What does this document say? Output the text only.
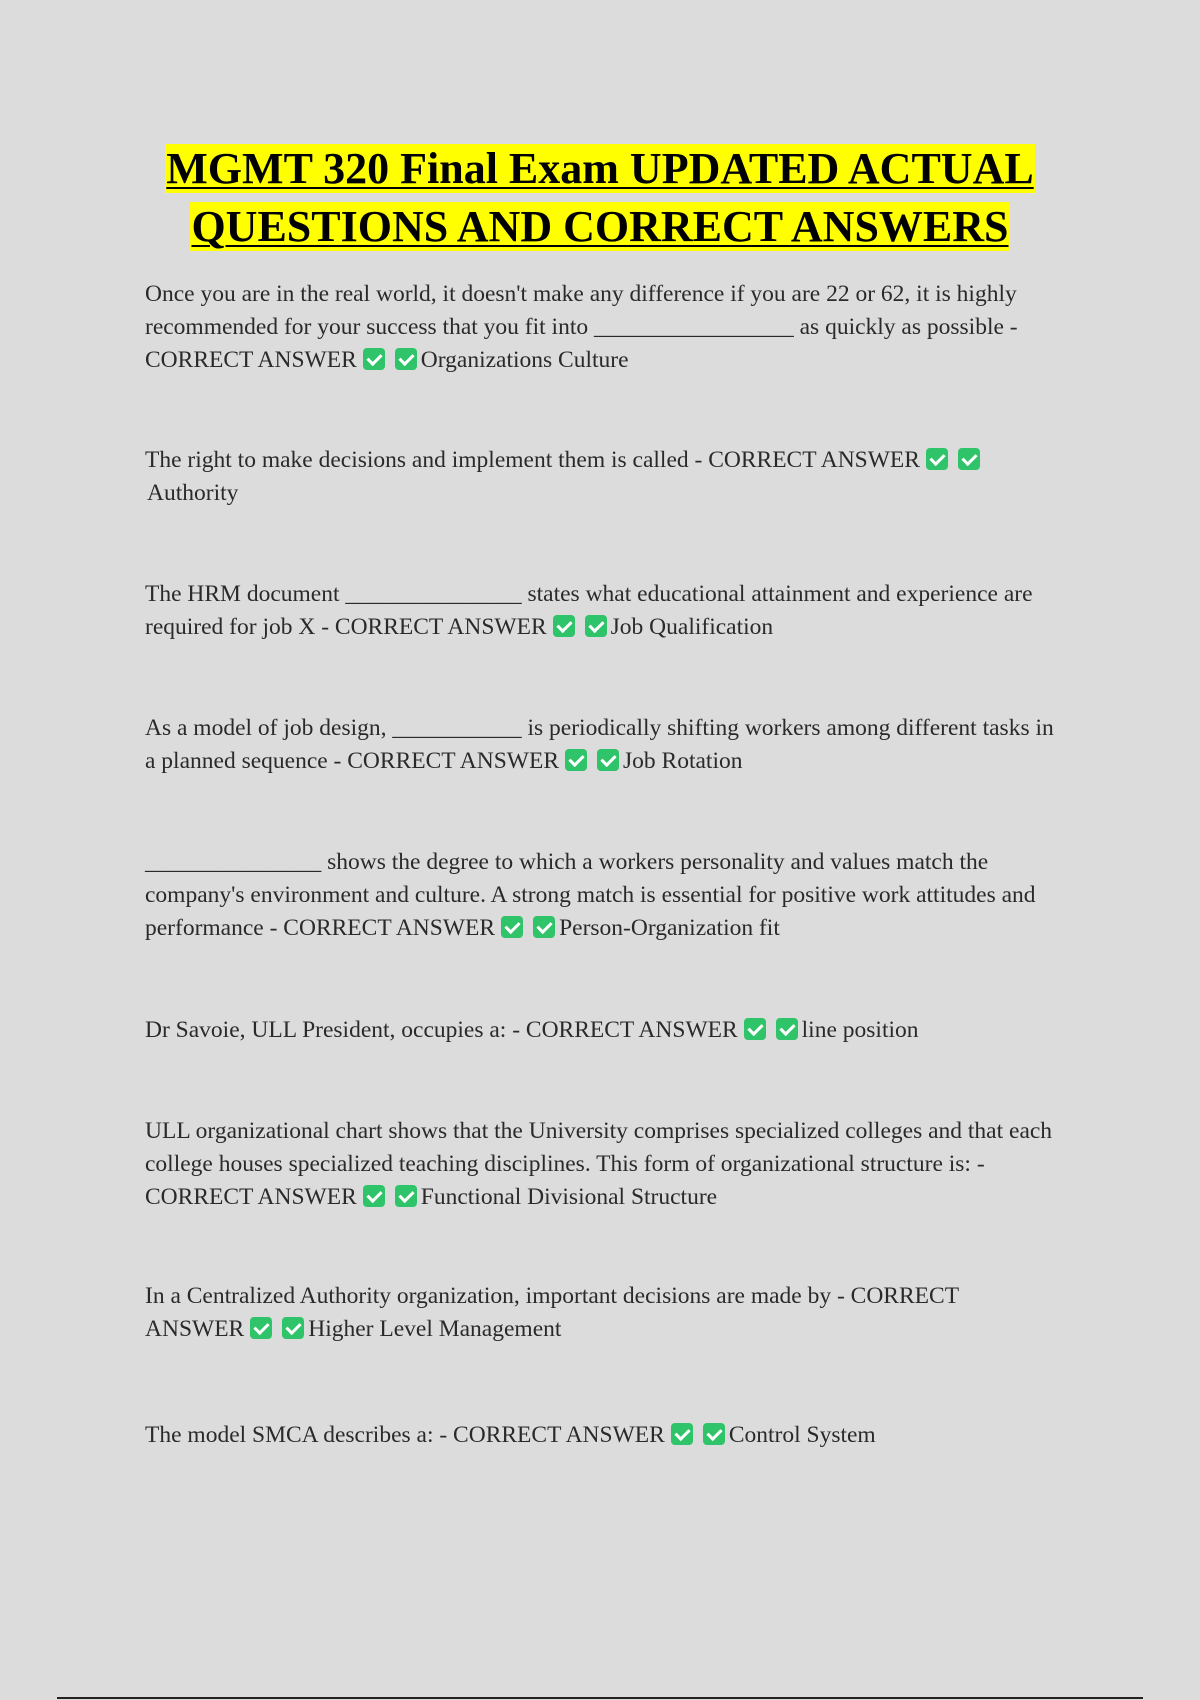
MGMT 320 Final Exam UPDATED ACTUAL
QUESTIONS AND CORRECT ANSWERS
Once you are in the real world, it doesn't make any difference if you are 22 or 62, it is highly recommended for your success that you fit into _________________ as quickly as possible - CORRECT ANSWER	Organizations Culture
The right to make decisions and implement them is called - CORRECT ANSWERAuthority
The HRM document _______________ states what educational attainment and experience are required for job X - CORRECT ANSWER	Job Qualification
As a model of job design, ___________ is periodically shifting workers among different tasks in a planned sequence - CORRECT ANSWER	Job Rotation
_______________ shows the degree to which a workers personality and values match the company's environment and culture. A strong match is essential for positive work attitudes and performance - CORRECT ANSWER	Person-Organization fit
Dr Savoie, ULL President, occupies a: - CORRECT ANSWER	line position
ULL organizational chart shows that the University comprises specialized colleges and that each college houses specialized teaching disciplines. This form of organizational structure is: - CORRECT ANSWER	Functional Divisional Structure
In a Centralized Authority organization, important decisions are made by - CORRECT ANSWER	Higher Level Management
The model SMCA describes a: - CORRECT ANSWER	Control System
